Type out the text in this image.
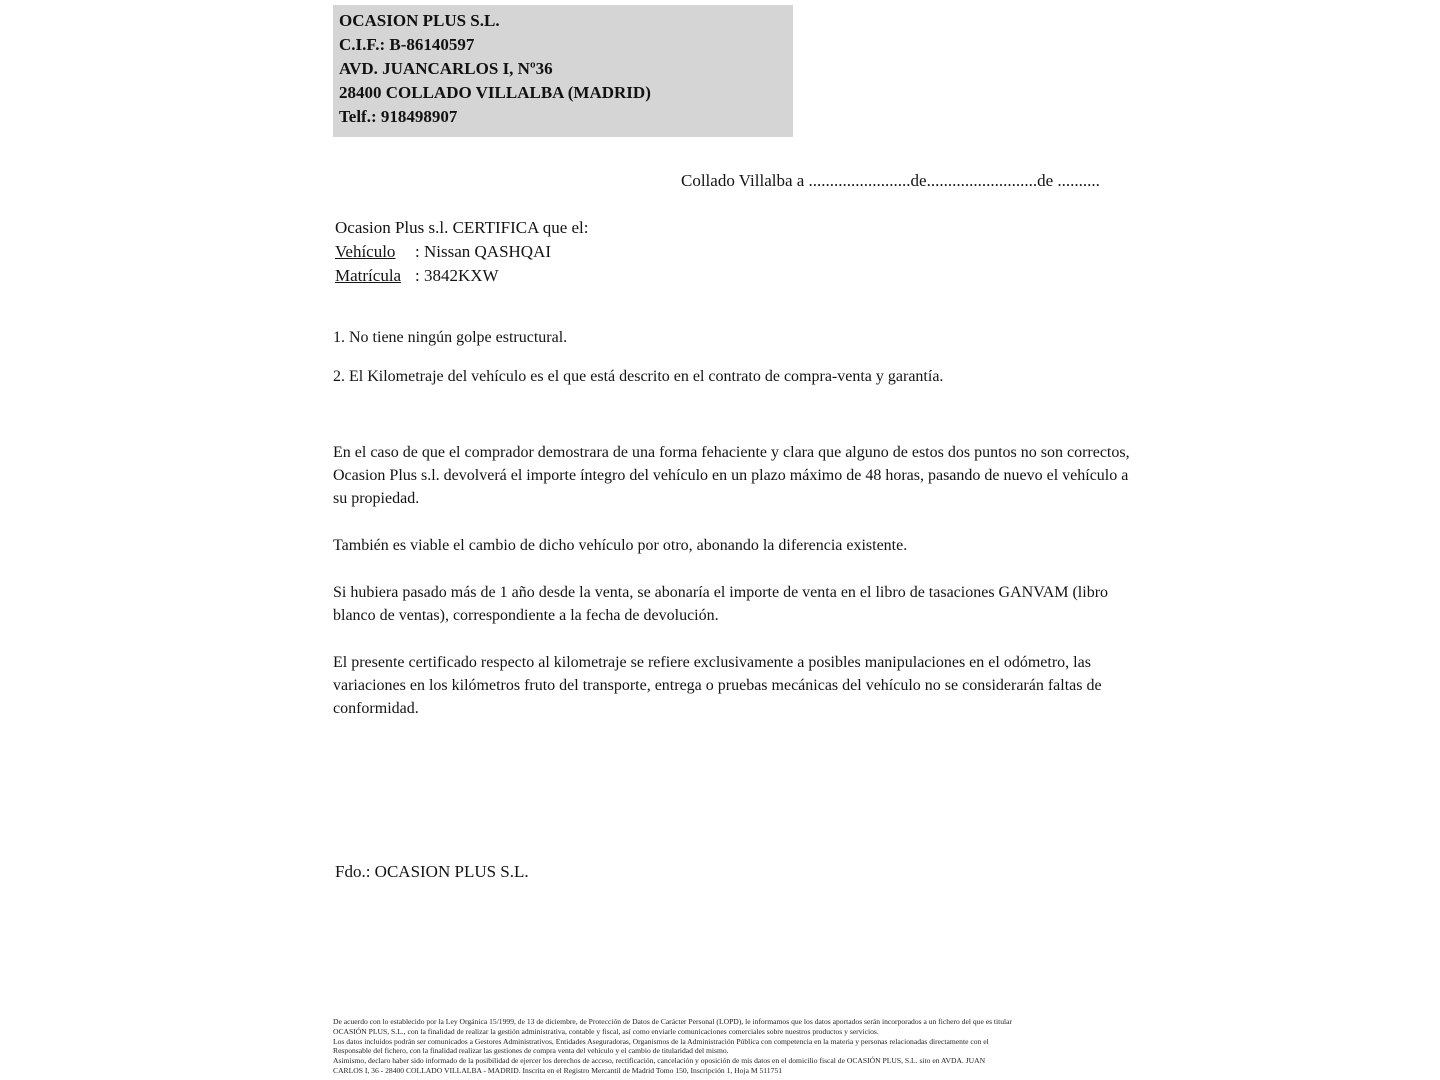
OCASION PLUS S.L.
C.I.F.: B-86140597
AVD. JUANCARLOS I, Nº36
28400 COLLADO VILLALBA (MADRID)
Telf.: 918498907
Collado Villalba a ........................de..........................de ..........
Ocasion Plus s.l. CERTIFICA que el:
Vehículo : Nissan QASHQAI
Matrícula : 3842KXW
1. No tiene ningún golpe estructural.
2. El Kilometraje del vehículo es el que está descrito en el contrato de compra-venta y garantía.
En el caso de que el comprador demostrara de una forma fehaciente y clara que alguno de estos dos puntos no son correctos, Ocasion Plus s.l. devolverá el importe íntegro del vehículo en un plazo máximo de 48 horas, pasando de nuevo el vehículo a su propiedad.
También es viable el cambio de dicho vehículo por otro, abonando la diferencia existente.
Si hubiera pasado más de 1 año desde la venta, se abonaría el importe de venta en el libro de tasaciones GANVAM (libro blanco de ventas), correspondiente a la fecha de devolución.
El presente certificado respecto al kilometraje se refiere exclusivamente a posibles manipulaciones en el odómetro, las variaciones en los kilómetros fruto del transporte, entrega o pruebas mecánicas del vehículo no se considerarán faltas de conformidad.
Fdo.: OCASION PLUS S.L.
De acuerdo con lo establecido por la Ley Orgánica 15/1999, de 13 de diciembre, de Protección de Datos de Carácter Personal (LOPD), le informamos que los datos aportados serán incorporados a un fichero del que es titular
OCASIÓN PLUS, S.L., con la finalidad de realizar la gestión administrativa, contable y fiscal, así como enviarle comunicaciones comerciales sobre nuestros productos y servicios.
Los datos incluidos podrán ser comunicados a Gestores Administrativos, Entidades Aseguradoras, Organismos de la Administración Pública con competencia en la materia y personas relacionadas directamente con el
Responsable del fichero, con la finalidad realizar las gestiones de compra venta del vehículo y el cambio de titularidad del mismo.
Asimismo, declaro haber sido informado de la posibilidad de ejercer los derechos de acceso, rectificación, cancelación y oposición de mis datos en el domicilio fiscal de OCASIÓN PLUS, S.L. sito en AVDA. JUAN
CARLOS I, 36 - 28400 COLLADO VILLALBA - MADRID. Inscrita en el Registro Mercantil de Madrid Tomo 150, Inscripción 1, Hoja M 511751
